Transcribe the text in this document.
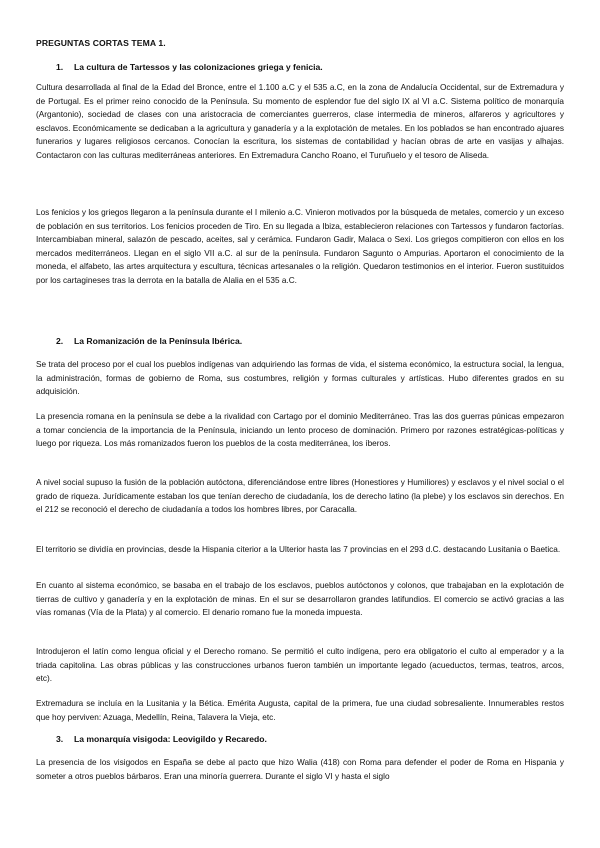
PREGUNTAS CORTAS TEMA 1.
1. La cultura de Tartessos y las colonizaciones griega y fenicia.

Cultura desarrollada al final de la Edad del Bronce, entre el 1.100 a.C y el 535 a.C, en la zona de Andalucía Occidental, sur de Extremadura y de Portugal. Es el primer reino conocido de la Península. Su momento de esplendor fue del siglo IX al VI a.C. Sistema político de monarquía (Argantonio), sociedad de clases con una aristocracia de comerciantes guerreros, clase intermedia de mineros, alfareros y agricultores y esclavos. Económicamente se dedicaban a la agricultura y ganadería y a la explotación de metales. En los poblados se han encontrado ajuares funerarios y lugares religiosos cercanos. Conocían la escritura, los sistemas de contabilidad y hacían obras de arte en vasijas y alhajas. Contactaron con las culturas mediterráneas anteriores. En Extremadura Cancho Roano, el Turuñuelo y el tesoro de Aliseda.

Los fenicios y los griegos llegaron a la península durante el I milenio a.C. Vinieron motivados por la búsqueda de metales, comercio y un exceso de población en sus territorios. Los fenicios proceden de Tiro. En su llegada a Ibiza, establecieron relaciones con Tartessos y fundaron factorías. Intercambiaban mineral, salazón de pescado, aceites, sal y cerámica. Fundaron Gadir, Malaca o Sexi. Los griegos compitieron con ellos en los mercados mediterráneos. Llegan en el siglo VII a.C. al sur de la península. Fundaron Sagunto o Ampurias. Aportaron el conocimiento de la moneda, el alfabeto, las artes arquitectura y escultura, técnicas artesanales o la religión. Quedaron testimonios en el interior. Fueron sustituidos por los cartagineses tras la derrota en la batalla de Alalia en el 535 a.C.

2. La Romanización de la Península Ibérica.

Se trata del proceso por el cual los pueblos indígenas van adquiriendo las formas de vida, el sistema económico, la estructura social, la lengua, la administración, formas de gobierno de Roma, sus costumbres, religión y formas culturales y artísticas. Hubo diferentes grados en su adquisición.

La presencia romana en la península se debe a la rivalidad con Cartago por el dominio Mediterráneo. Tras las dos guerras púnicas empezaron a tomar conciencia de la importancia de la Península, iniciando un lento proceso de dominación. Primero por razones estratégicas-políticas y luego por riqueza. Los más romanizados fueron los pueblos de la costa mediterránea, los íberos.

A nivel social supuso la fusión de la población autóctona, diferenciándose entre libres (Honestiores y Humiliores) y esclavos y el nivel social o el grado de riqueza. Jurídicamente estaban los que tenían derecho de ciudadanía, los de derecho latino (la plebe) y los esclavos sin derechos. En el 212 se reconoció el derecho de ciudadanía a todos los hombres libres, por Caracalla.

El territorio se dividía en provincias, desde la Hispania citerior a la Ulterior hasta las 7 provincias en el 293 d.C. destacando Lusitania o Baetica.

En cuanto al sistema económico, se basaba en el trabajo de los esclavos, pueblos autóctonos y colonos, que trabajaban en la explotación de tierras de cultivo y ganadería y en la explotación de minas. En el sur se desarrollaron grandes latifundios. El comercio se activó gracias a las vías romanas (Vía de la Plata) y al comercio. El denario romano fue la moneda impuesta.

Introdujeron el latín como lengua oficial y el Derecho romano. Se permitió el culto indígena, pero era obligatorio el culto al emperador y a la triada capitolina. Las obras públicas y las construcciones urbanos fueron también un importante legado (acueductos, termas, teatros, arcos, etc).

Extremadura se incluía en la Lusitania y la Bética. Emérita Augusta, capital de la primera, fue una ciudad sobresaliente. Innumerables restos que hoy perviven: Azuaga, Medellín, Reina, Talavera la Vieja, etc.

3. La monarquía visigoda: Leovigildo y Recaredo.

La presencia de los visigodos en España se debe al pacto que hizo Walia (418) con Roma para defender el poder de Roma en Hispania y someter a otros pueblos bárbaros. Eran una minoría guerrera. Durante el siglo VI y hasta el siglo
